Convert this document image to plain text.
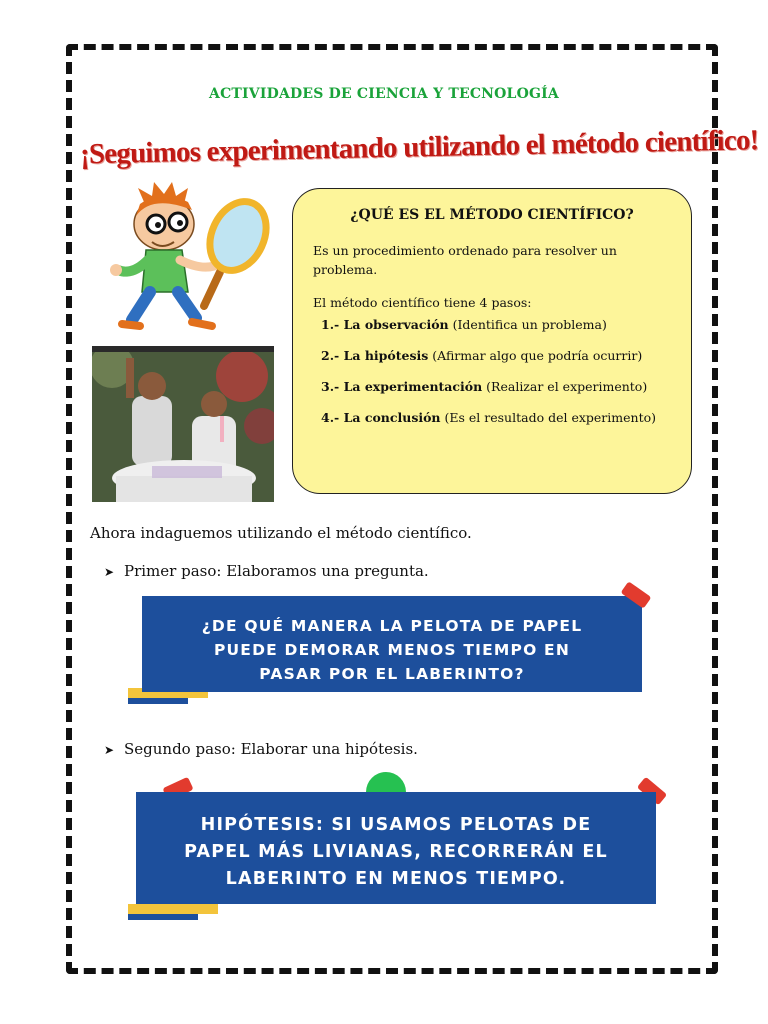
ACTIVIDADES DE CIENCIA Y TECNOLOGÍA
¡Seguimos experimentando utilizando el método científico!
¿QUÉ ES EL MÉTODO CIENTÍFICO?
Es un procedimiento ordenado para resolver un problema.
El método científico tiene 4 pasos:
1.- La observación (Identifica un problema)
2.- La hipótesis (Afirmar algo que podría ocurrir)
3.- La experimentación (Realizar el experimento)
4.- La conclusión (Es el resultado del experimento)
Ahora indaguemos utilizando el método científico.
➤ Primer paso: Elaboramos una pregunta.
¿DE QUÉ MANERA LA PELOTA DE PAPEL
PUEDE DEMORAR MENOS TIEMPO EN
PASAR POR EL LABERINTO?
➤ Segundo paso: Elaborar una hipótesis.
HIPÓTESIS: SI USAMOS PELOTAS DE
PAPEL MÁS LIVIANAS, RECORRERÁN EL
LABERINTO EN MENOS TIEMPO.
